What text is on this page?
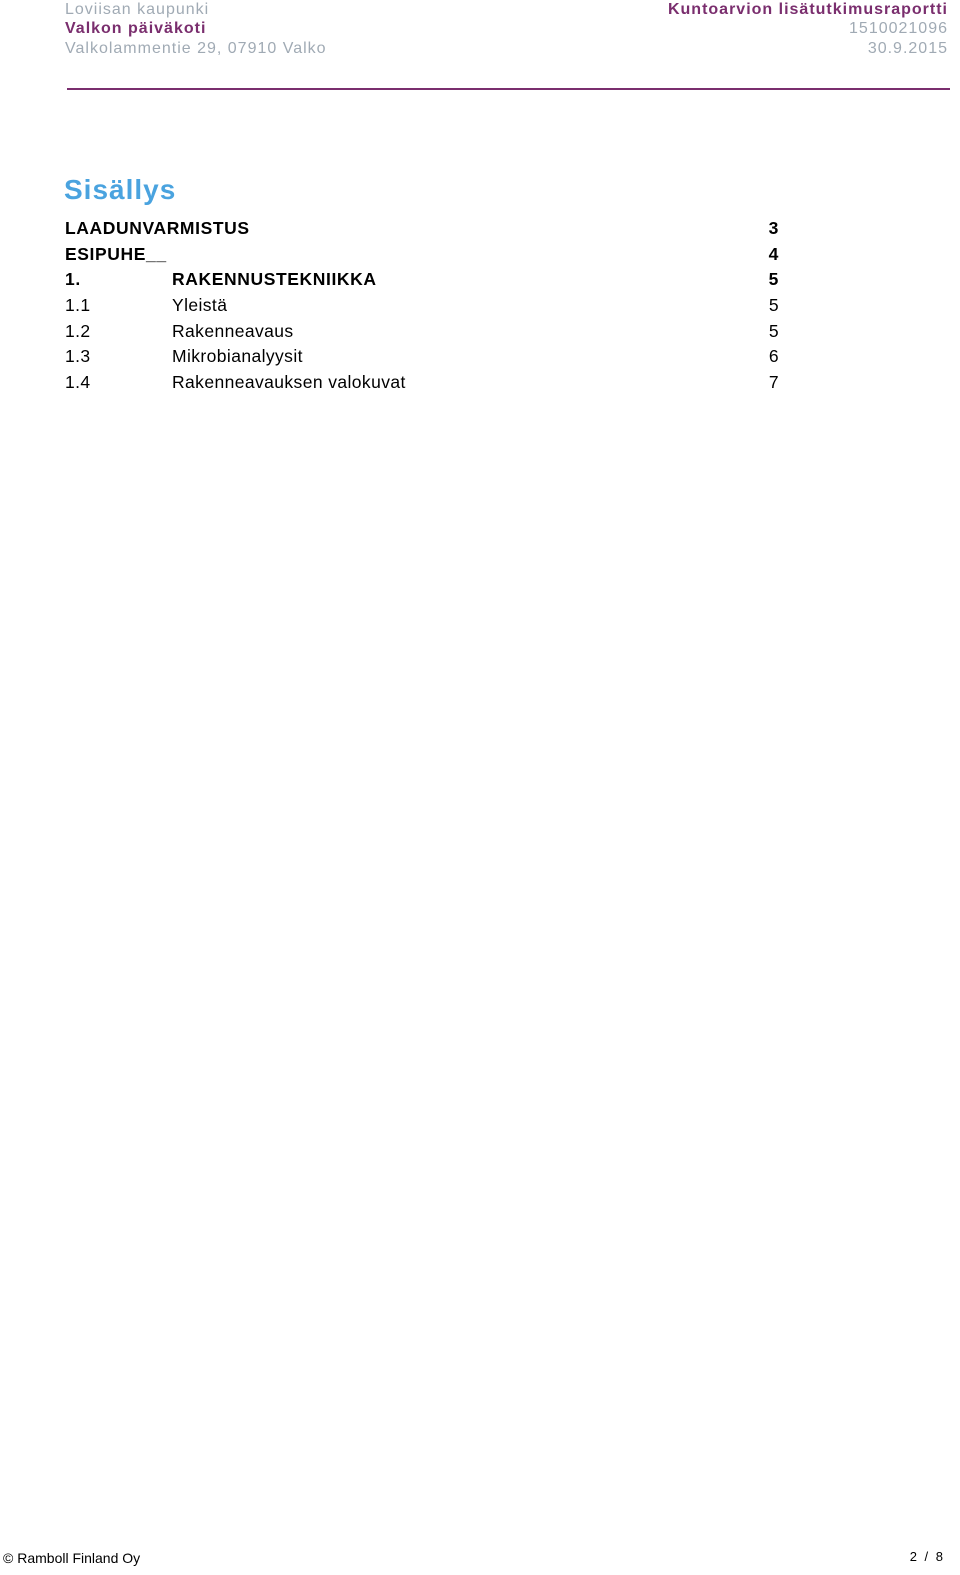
Loviisan kaupunki
Valkon päiväkoti
Valkolammentie 29, 07910 Valko
Kuntoarvion lisätutkimusraportti
1510021096
30.9.2015
Sisällys
LAADUNVARMISTUS	3
ESIPUHE__	4
1.	RAKENNUSTEKNIIKKA	5
1.1	Yleistä	5
1.2	Rakenneavaus	5
1.3	Mikrobianalyysit	6
1.4	Rakenneavauksen valokuvat	7
© Ramboll Finland Oy	2 / 8
